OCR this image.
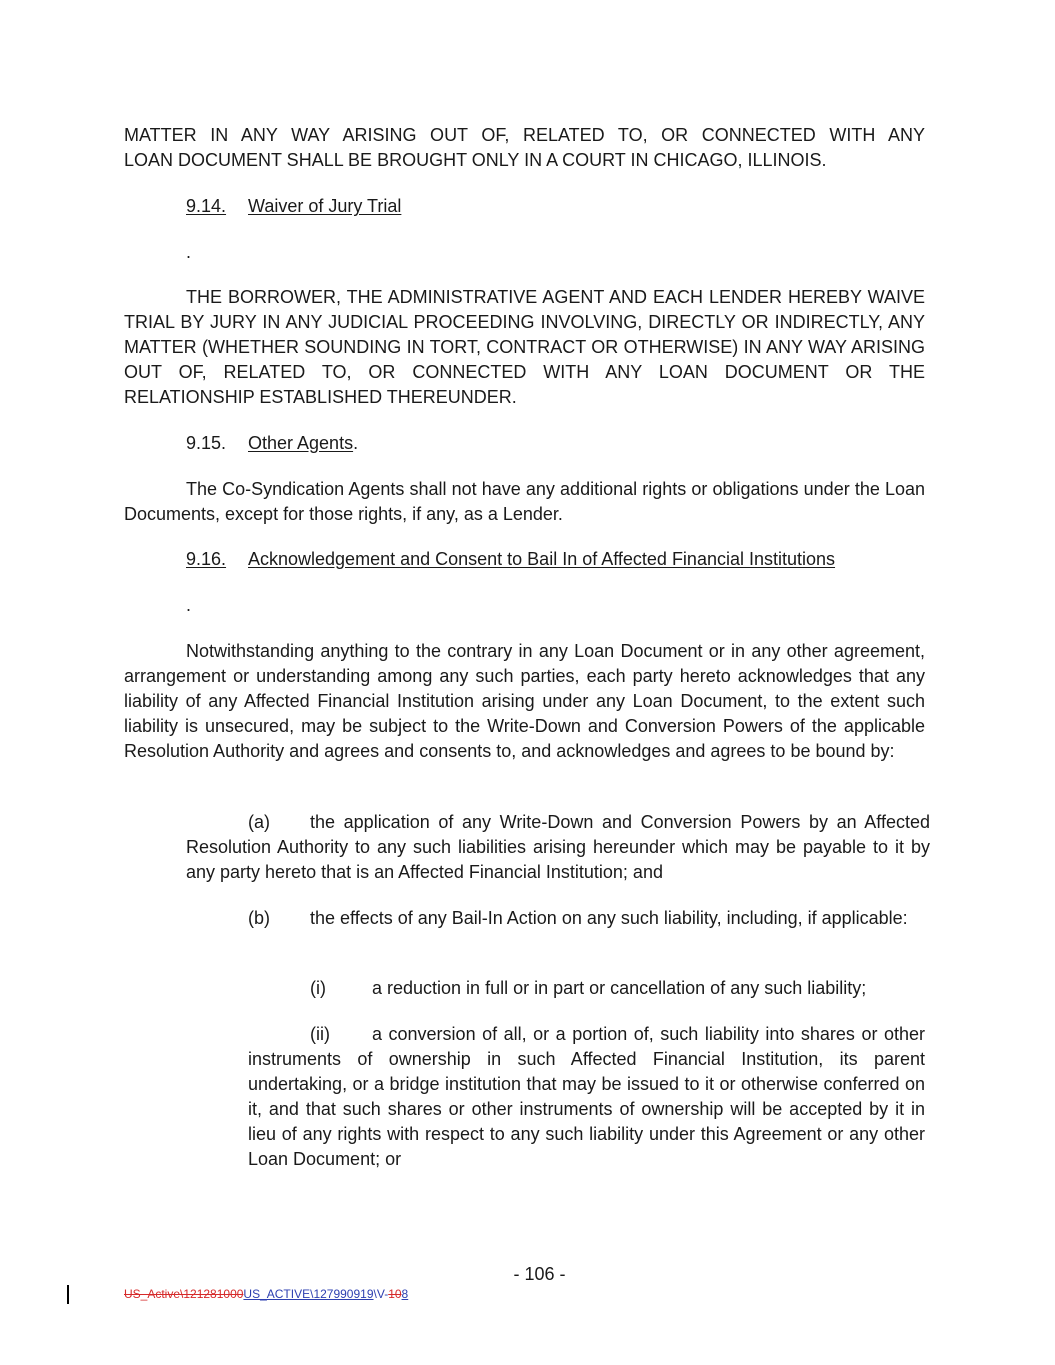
MATTER IN ANY WAY ARISING OUT OF, RELATED TO, OR CONNECTED WITH ANY
LOAN DOCUMENT SHALL BE BROUGHT ONLY IN A COURT IN CHICAGO, ILLINOIS.
9.14. Waiver of Jury Trial
.
THE BORROWER, THE ADMINISTRATIVE AGENT AND EACH LENDER HEREBY WAIVE TRIAL BY JURY IN ANY JUDICIAL PROCEEDING INVOLVING, DIRECTLY OR INDIRECTLY, ANY MATTER (WHETHER SOUNDING IN TORT, CONTRACT OR OTHERWISE) IN ANY WAY ARISING OUT OF, RELATED TO, OR CONNECTED WITH ANY LOAN DOCUMENT OR THE RELATIONSHIP ESTABLISHED THEREUNDER.
9.15. Other Agents.
The Co-Syndication Agents shall not have any additional rights or obligations under the Loan Documents, except for those rights, if any, as a Lender.
9.16. Acknowledgement and Consent to Bail In of Affected Financial Institutions
.
Notwithstanding anything to the contrary in any Loan Document or in any other agreement, arrangement or understanding among any such parties, each party hereto acknowledges that any liability of any Affected Financial Institution arising under any Loan Document, to the extent such liability is unsecured, may be subject to the Write-Down and Conversion Powers of the applicable Resolution Authority and agrees and consents to, and acknowledges and agrees to be bound by:
(a) the application of any Write-Down and Conversion Powers by an Affected Resolution Authority to any such liabilities arising hereunder which may be payable to it by any party hereto that is an Affected Financial Institution; and
(b) the effects of any Bail-In Action on any such liability, including, if applicable:
(i)	a reduction in full or in part or cancellation of any such liability;
(ii) a conversion of all, or a portion of, such liability into shares or other instruments of ownership in such Affected Financial Institution, its parent undertaking, or a bridge institution that may be issued to it or otherwise conferred on it, and that such shares or other instruments of ownership will be accepted by it in lieu of any rights with respect to any such liability under this Agreement or any other Loan Document; or
- 106 -
US_Active\121281000US_ACTIVE\127990919\V-108
